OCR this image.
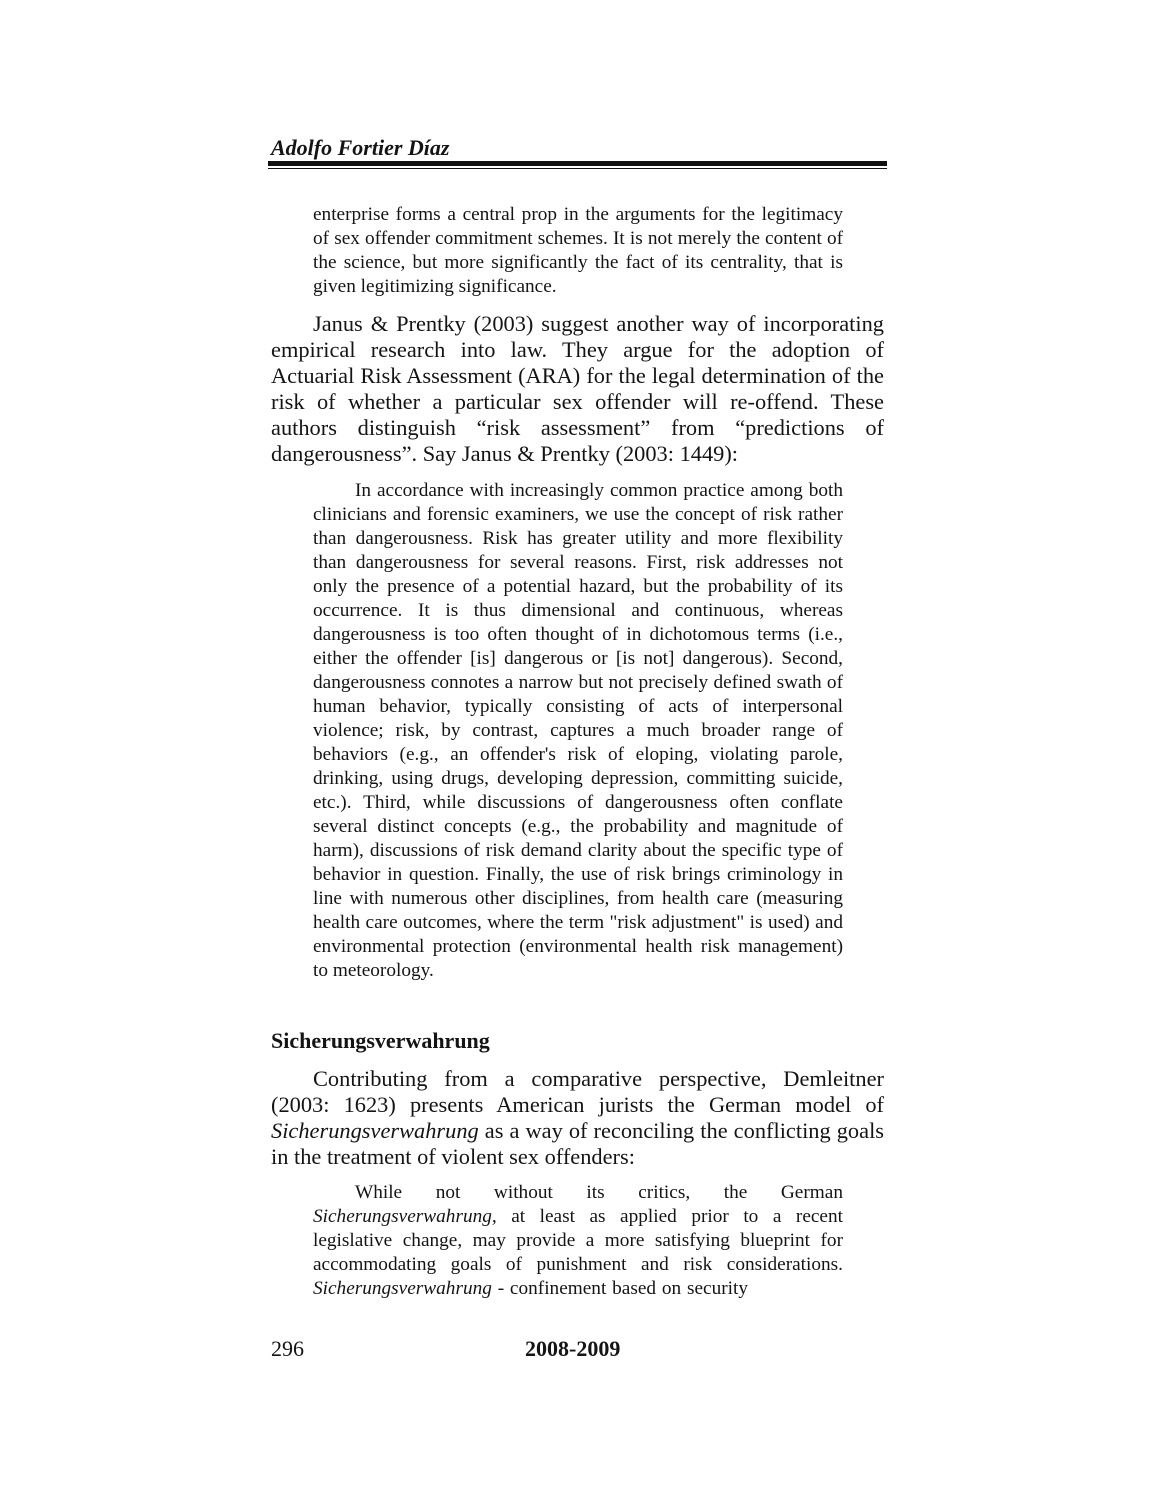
Adolfo Fortier Díaz

enterprise forms a central prop in the arguments for the legitimacy of sex offender commitment schemes. It is not merely the content of the science, but more significantly the fact of its centrality, that is given legitimizing significance.

Janus & Prentky (2003) suggest another way of incorporating empirical research into law. They argue for the adoption of Actuarial Risk Assessment (ARA) for the legal determination of the risk of whether a particular sex offender will re-offend. These authors distinguish “risk assessment” from “predictions of dangerousness”. Say Janus & Prentky (2003: 1449):

In accordance with increasingly common practice among both clinicians and forensic examiners, we use the concept of risk rather than dangerousness. Risk has greater utility and more flexibility than dangerousness for several reasons. First, risk addresses not only the presence of a potential hazard, but the probability of its occurrence. It is thus dimensional and continuous, whereas dangerousness is too often thought of in dichotomous terms (i.e., either the offender [is] dangerous or [is not] dangerous). Second, dangerousness connotes a narrow but not precisely defined swath of human behavior, typically consisting of acts of interpersonal violence; risk, by contrast, captures a much broader range of behaviors (e.g., an offender's risk of eloping, violating parole, drinking, using drugs, developing depression, committing suicide, etc.). Third, while discussions of dangerousness often conflate several distinct concepts (e.g., the probability and magnitude of harm), discussions of risk demand clarity about the specific type of behavior in question. Finally, the use of risk brings criminology in line with numerous other disciplines, from health care (measuring health care outcomes, where the term "risk adjustment" is used) and environmental protection (environmental health risk management) to meteorology.

Sicherungsverwahrung

Contributing from a comparative perspective, Demleitner (2003: 1623) presents American jurists the German model of Sicherungsverwahrung as a way of reconciling the conflicting goals in the treatment of violent sex offenders:

While not without its critics, the German Sicherungsverwahrung, at least as applied prior to a recent legislative change, may provide a more satisfying blueprint for accommodating goals of punishment and risk considerations. Sicherungsverwahrung - confinement based on security

296	2008-2009
